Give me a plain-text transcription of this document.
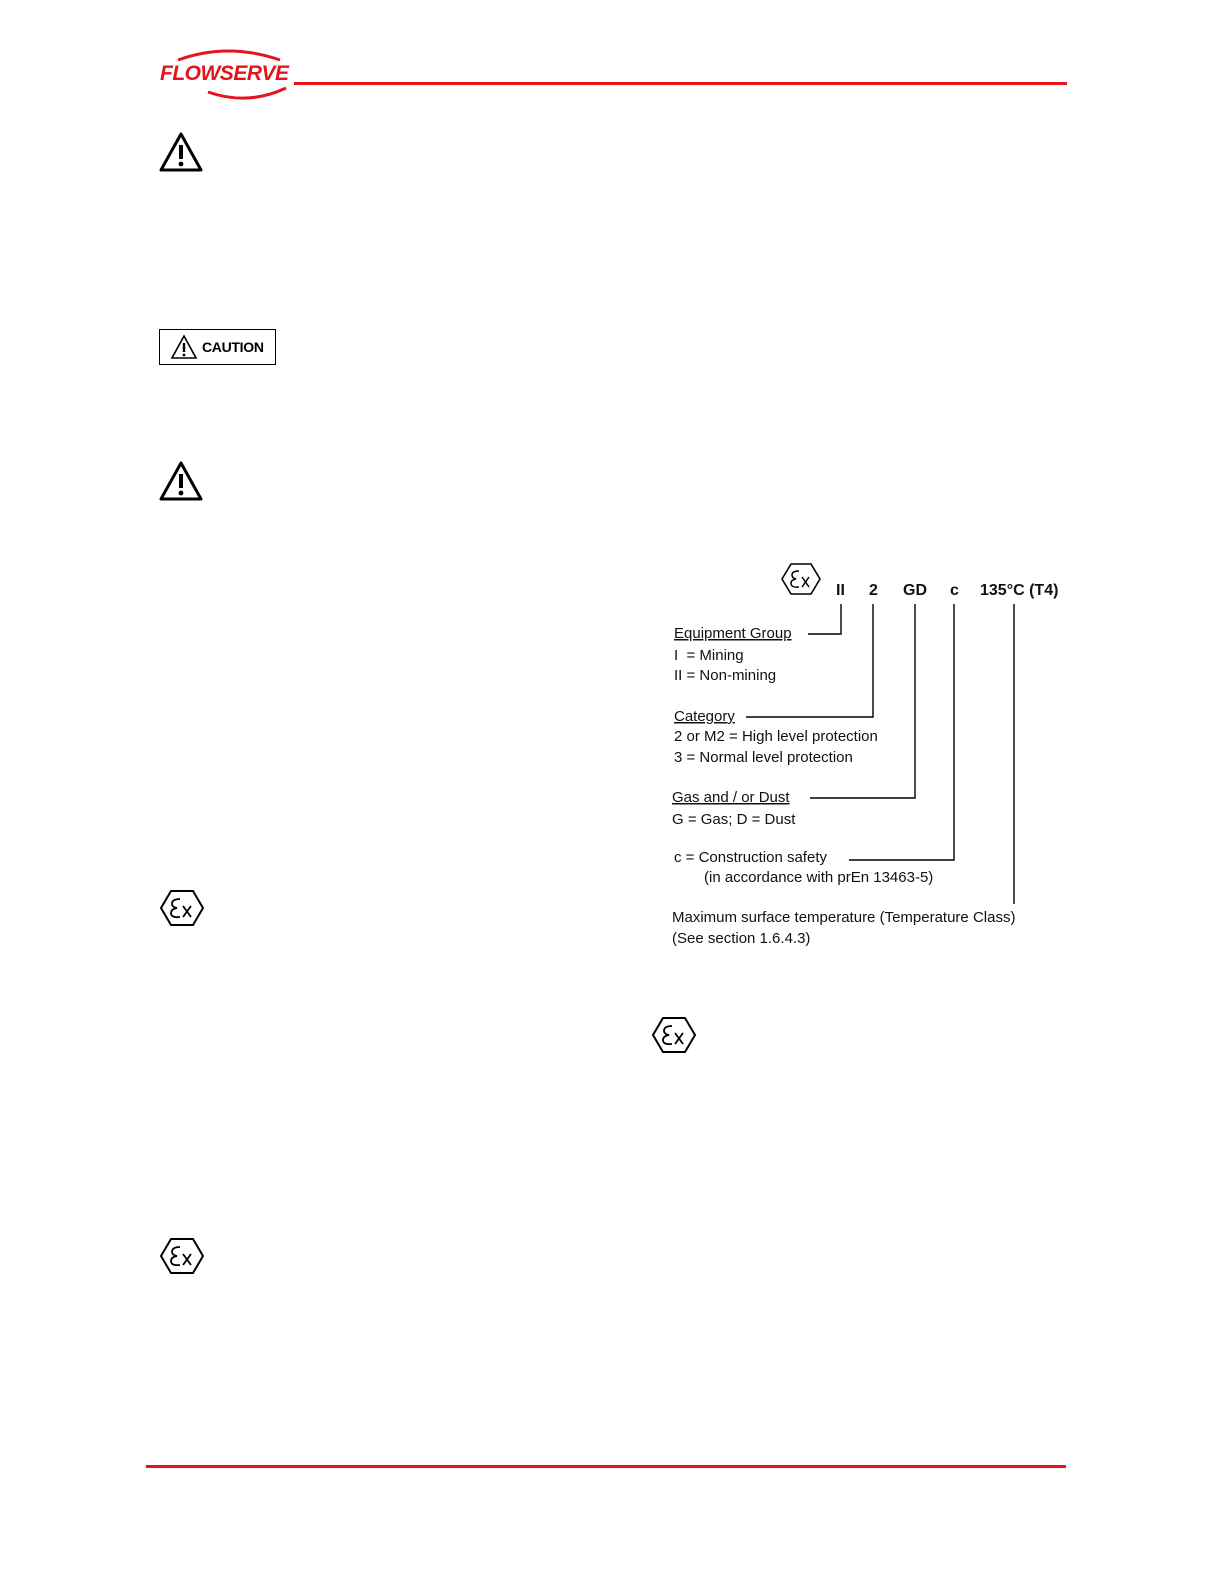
FLOWSERVE
CAUTION
II 2 GD c 135°C (T4)
Equipment Group
I  = Mining
II = Non-mining
Category
2 or M2 = High level protection
3 = Normal level protection
Gas and / or Dust
G = Gas; D = Dust
c = Construction safety
(in accordance with prEn 13463-5)
Maximum surface temperature (Temperature Class)
(See section 1.6.4.3)
